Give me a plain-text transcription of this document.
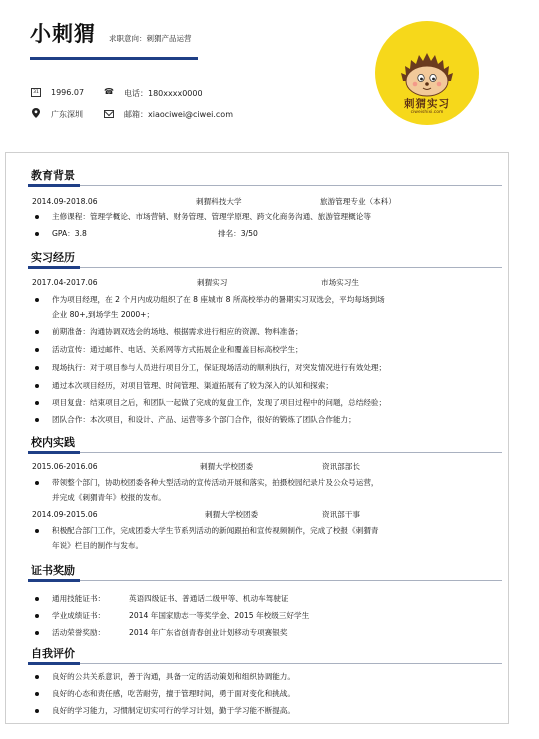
小刺猬 求职意向：刺猬产品运营
31 1996.07 ☎ 电话：180xxxx0000
广东深圳	邮箱：xiaociwei@ciwei.com
刺猬实习
ciweishixi.com
教育背景
2014.09-2018.06	刺猬科技大学	旅游管理专业（本科）
主修课程：管理学概论、市场营销、财务管理、管理学原理、跨文化商务沟通、旅游管理概论等
GPA：3.8	排名：3/50
实习经历
2017.04-2017.06	刺猬实习	市场实习生
作为项目经理，在 2 个月内成功组织了在 8 座城市 8 所高校举办的暑期实习双选会，平均每场到场
企业 80+,到场学生 2000+；
前期准备：沟通协调双选会的场地、根据需求进行相应的资源、物料准备；
活动宣传：通过邮件、电话、关系网等方式拓展企业和覆盖目标高校学生；
现场执行：对于项目参与人员进行项目分工，保证现场活动的顺利执行，对突发情况进行有效处理；
通过本次项目经历，对项目管理、时间管理、渠道拓展有了较为深入的认知和探索；
项目复盘：结束项目之后，和团队一起做了完成的复盘工作，发现了项目过程中的问题，总结经验；
团队合作：本次项目，和设计、产品、运营等多个部门合作，很好的锻炼了团队合作能力；
校内实践
2015.06-2016.06	刺猬大学校团委	资讯部部长
带领整个部门，协助校团委各种大型活动的宣传活动开展和落实，拍摄校园纪录片及公众号运营，
并完成《刺猬青年》校报的发布。
2014.09-2015.06	刺猬大学校团委	资讯部干事
积极配合部门工作，完成团委大学生节系列活动的新闻跟拍和宣传视频制作，完成了校报《刺猬青
年说》栏目的制作与发布。
证书奖励
通用技能证书：	英语四级证书、普通话二级甲等、机动车驾驶证
学业成绩证书：	2014 年国家励志一等奖学金、2015 年校级三好学生
活动荣誉奖励：	2014 年广东省创青春创业计划移动专项赛银奖
自我评价
良好的公共关系意识，善于沟通，具备一定的活动策划和组织协调能力。
良好的心态和责任感，吃苦耐劳，擅于管理时间，勇于面对变化和挑战。
良好的学习能力，习惯制定切实可行的学习计划，勤于学习能不断提高。
